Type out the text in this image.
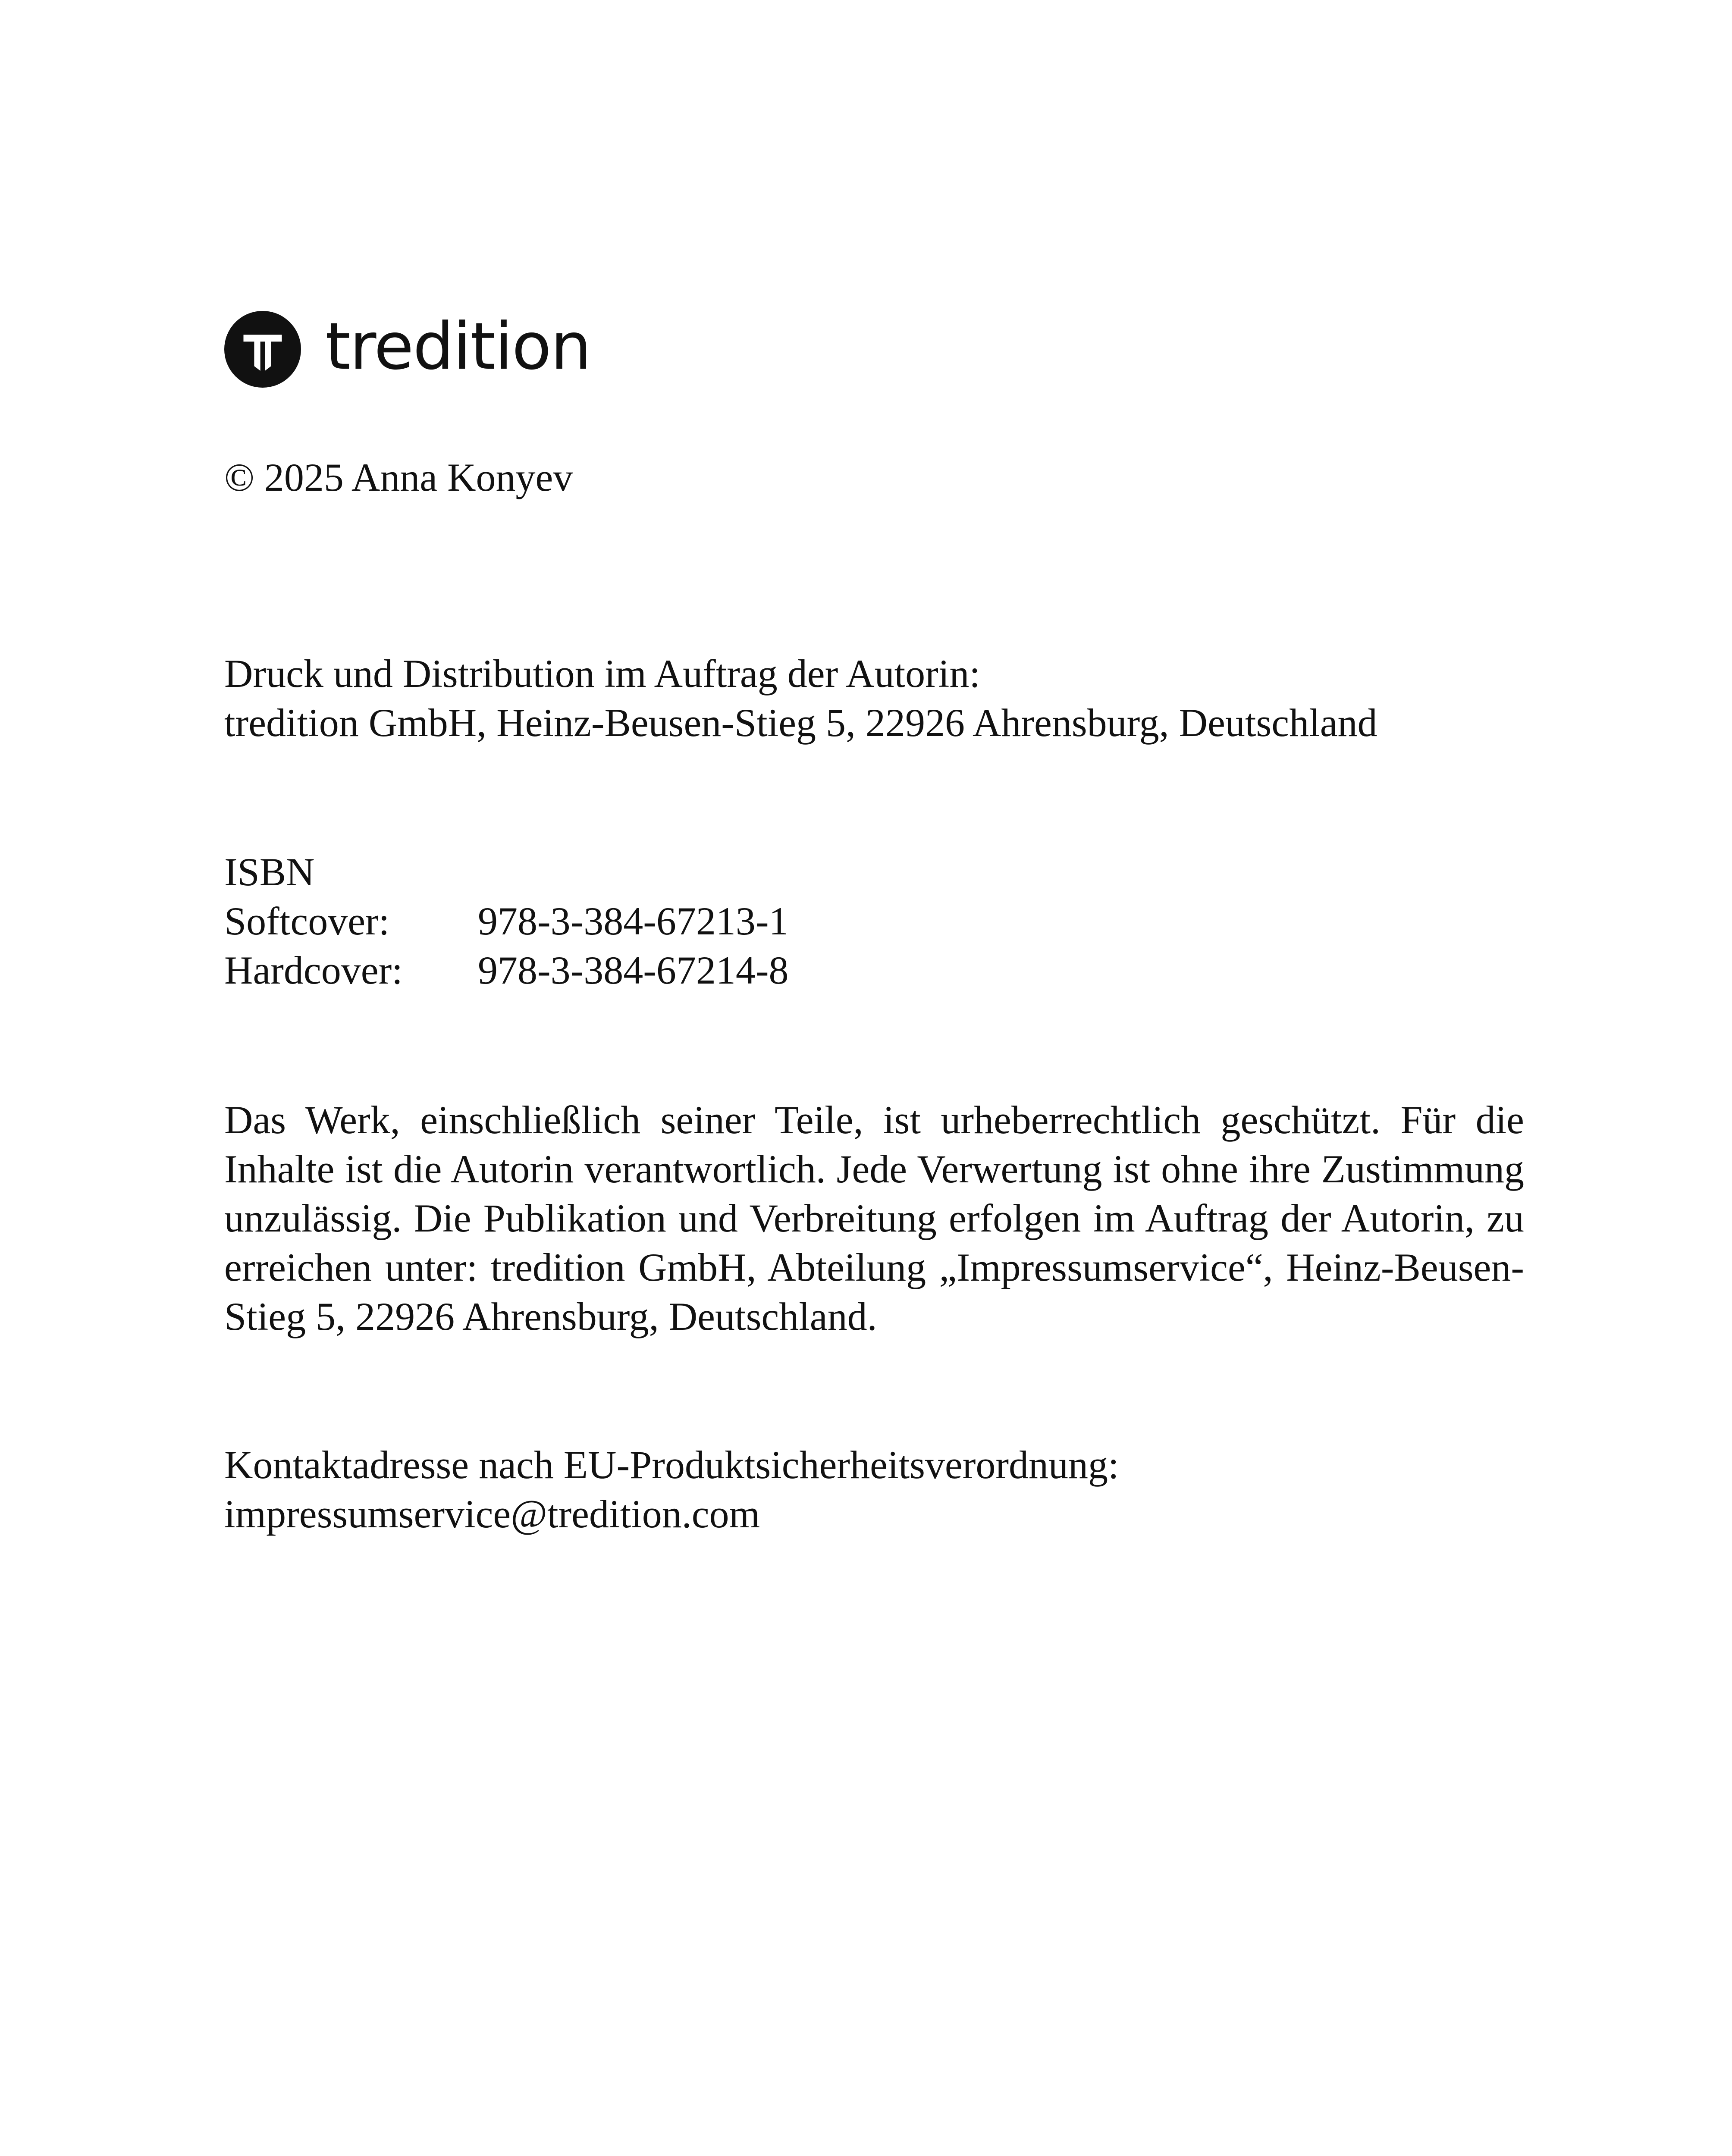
tredition

© 2025 Anna Konyev

Druck und Distribution im Auftrag der Autorin:
tredition GmbH, Heinz-Beusen-Stieg 5, 22926 Ahrensburg, Deutschland

ISBN
Softcover:	978-3-384-67213-1
Hardcover:	978-3-384-67214-8

Das Werk, einschließlich seiner Teile, ist urheberrechtlich geschützt. Für die Inhalte ist die Autorin verantwortlich. Jede Verwertung ist ohne ihre Zustimmung unzulässig. Die Publikation und Verbreitung erfolgen im Auftrag der Autorin, zu erreichen unter: tredition GmbH, Abteilung „Impressumservice“, Heinz-Beusen-Stieg 5, 22926 Ahrensburg, Deutschland.

Kontaktadresse nach EU-Produktsicherheitsverordnung:
impressumservice@tredition.com
